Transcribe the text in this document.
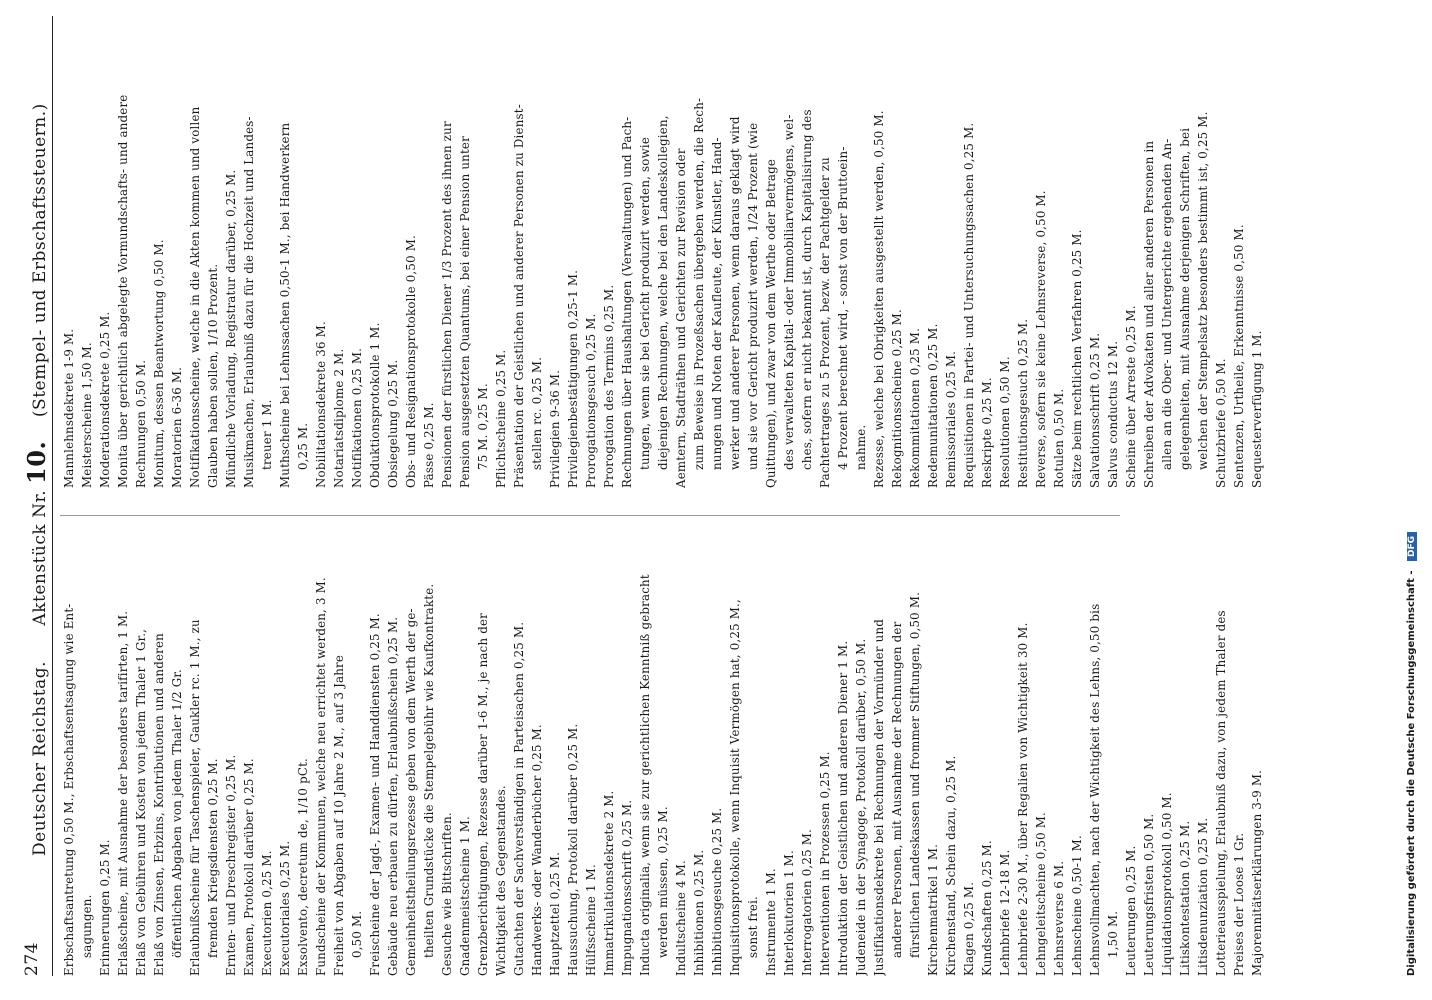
274
Deutscher Reichstag.      Aktenstück Nr. 10.    (Stempel- und Erbschaftssteuern.)
Erbschaftsantretung 0,50 M., Erbschaftsentsagung wie Ent- sagungen. Erinnerungen 0,25 M. Erlaßscheine, mit Ausnahme der besonders tarifirten, 1 M. Erlaß von Gebühren und Kosten von jedem Thaler 1 Gr., Erlaß von Zinsen, Erbzins, Kontributionen und anderen öffentlichen Abgaben von jedem Thaler 1/2 Gr. Erlaubnißscheine für Taschenspieler, Gaukler rc. 1 M., zu fremden Kriegsdiensten 0,25 M. Ernten- und Dreschregister 0,25 M. Examen, Protokoll darüber 0,25 M. Executorien 0,25 M. Executoriales 0,25 M. Exsolvento, decretum de, 1/10 pCt. Fundscheine der Kommunen, welche neu errichtet werden, 3 M. Freiheit von Abgaben auf 10 Jahre 2 M., auf 3 Jahre 0,50 M. Freischeine der Jagd-, Examen- und Handdiensten 0,25 M. Gebäude neu erbauen zu dürfen, Erlaubnißschein 0,25 M. Gemeinheitstheilungsrezesse geben von dem Werth der ge- theilten Grundstücke die Stempelgebühr wie Kaufkontrakte. Gesuche wie Bittschriften. Gnadenmeistscheine 1 M. Grenzberichtigungen, Rezesse darüber 1-6 M., je nach der Wichtigkeit des Gegenstandes. Gutachten der Sachverständigen in Parteisachen 0,25 M. Handwerks- oder Wanderbücher 0,25 M. Hauptzettel 0,25 M. Haussuchung, Protokoll darüber 0,25 M. Hülfsscheine 1 M. Immatrikulationsdekrete 2 M. Impugnationsschrift 0,25 M. Inducta originalia, wenn sie zur gerichtlichen Kenntniß gebracht werden müssen, 0,25 M. Indultscheine 4 M. Inhibitionen 0,25 M. Inhibitionsgesuche 0,25 M. Inquisitionsprotokolle, wenn Inquisit Vermögen hat, 0,25 M., sonst frei. Instrumente 1 M. Interlokutorien 1 M. Interrogatorien 0,25 M. Interventionen in Prozessen 0,25 M. Introduktion der Geistlichen und anderen Diener 1 M. Judeneide in der Synagoge, Protokoll darüber, 0,50 M. Justifikationsdekrete bei Rechnungen der Vormünder und anderer Personen, mit Ausnahme der Rechnungen der fürstlichen Landeskassen und frommer Stiftungen, 0,50 M. Kirchenmatrikel 1 M. Kirchenstand, Schein dazu, 0,25 M. Klagen 0,25 M. Kundschaften 0,25 M. Lehnbriefe 12-18 M. Lehnbriefe 2-30 M., über Regalien von Wichtigkeit 30 M. Lehngeleitscheine 0,50 M. Lehnsreverse 6 M. Lehnscheine 0,50-1 M. Lehnsvollmachten, nach der Wichtigkeit des Lehns, 0,50 bis 1,50 M. Leuterungen 0,25 M. Leuterungsfristen 0,50 M. Liquidationsprotokoll 0,50 M. Litiskontestation 0,25 M. Litisdenunziation 0,25 M. Lotterieausspielung, Erlaubniß dazu, von jedem Thaler des Preises der Loose 1 Gr. Majorennitätserklärungen 3-9 M.
Mannlehnsdekrete 1-9 M. Meisterscheine 1,50 M. Moderationsdekrete 0,25 M. Monita über gerichtlich abgelegte Vormundschafts- und andere Rechnungen 0,50 M. Monitum, dessen Beantwortung 0,50 M. Moratorien 6-36 M. Notifikationsscheine, welche in die Akten kommen und vollen Glauben haben sollen, 1/10 Prozent. Mündliche Vorladung, Registratur darüber, 0,25 M. Musikmachen, Erlaubniß dazu für die Hochzeit und Landes- treuer 1 M. Muthscheine bei Lehnssachen 0,50-1 M., bei Handwerkern 0,25 M. Nobilitationsdekrete 36 M. Notariatsdiplome 2 M. Notifikationen 0,25 M. Obduktionsprotokolle 1 M. Obsiegelung 0,25 M. Obs- und Resignationsprotokolle 0,50 M. Pässe 0,25 M. Pensionen der fürstlichen Diener 1/3 Prozent des ihnen zur Pension ausgesetzten Quantums, bei einer Pension unter 75 M. 0,25 M. Pflichtscheine 0,25 M. Präsentation der Geistlichen und anderer Personen zu Dienst- stellen rc. 0,25 M. Privilegien 9-36 M. Privilegienbestätigungen 0,25-1 M. Prorogationsgesuch 0,25 M. Prorogation des Termins 0,25 M. Rechnungen über Haushaltungen (Verwaltungen) und Pach- tungen, wenn sie bei Gericht produzirt werden, sowie diejenigen Rechnungen, welche bei den Landeskollegien, Aemtern, Stadträthen und Gerichten zur Revision oder zum Beweise in Prozeßsachen übergeben werden, die Rech- nungen und Noten der Kaufleute, der Künstler, Hand- werker und anderer Personen, wenn daraus geklagt wird und sie vor Gericht produzirt werden, 1/24 Prozent (wie Quittungen), und zwar von dem Werthe oder Betrage des verwalteten Kapital- oder Immobiliarvermögens, wel- ches, sofern er nicht bekannt ist, durch Kapitalisirung des Pachtertrages zu 5 Prozent, bezw. der Pachtgelder zu 4 Prozent berechnet wird, - sonst von der Bruttoein- nahme. Rezesse, welche bei Obrigkeiten ausgestellt werden, 0,50 M. Rekognitionsscheine 0,25 M. Rekommitationen 0,25 M. Redemunitationen 0,25 M. Remissoriales 0,25 M. Requisitionen in Partei- und Untersuchungssachen 0,25 M. Reskripte 0,25 M. Resolutionen 0,50 M. Restitutionsgesuch 0,25 M. Reverse, sofern sie keine Lehnsreverse, 0,50 M. Rotulen 0,50 M. Sätze beim rechtlichen Verfahren 0,25 M. Salvationsschrift 0,25 M. Salvus conductus 12 M. Scheine über Arreste 0,25 M. Schreiben der Advokaten und aller anderen Personen in allen an die Ober- und Untergerichte ergehenden An- gelegenheiten, mit Ausnahme derjenigen Schriften, bei welchen der Stempelsatz besonders bestimmt ist, 0,25 M. Schutzbriefe 0,50 M. Sentenzen, Urtheile, Erkenntnisse 0,50 M. Sequesterverfügung 1 M.
Digitalisierung gefördert durch die Deutsche Forschungsgemeinschaft - DFG
